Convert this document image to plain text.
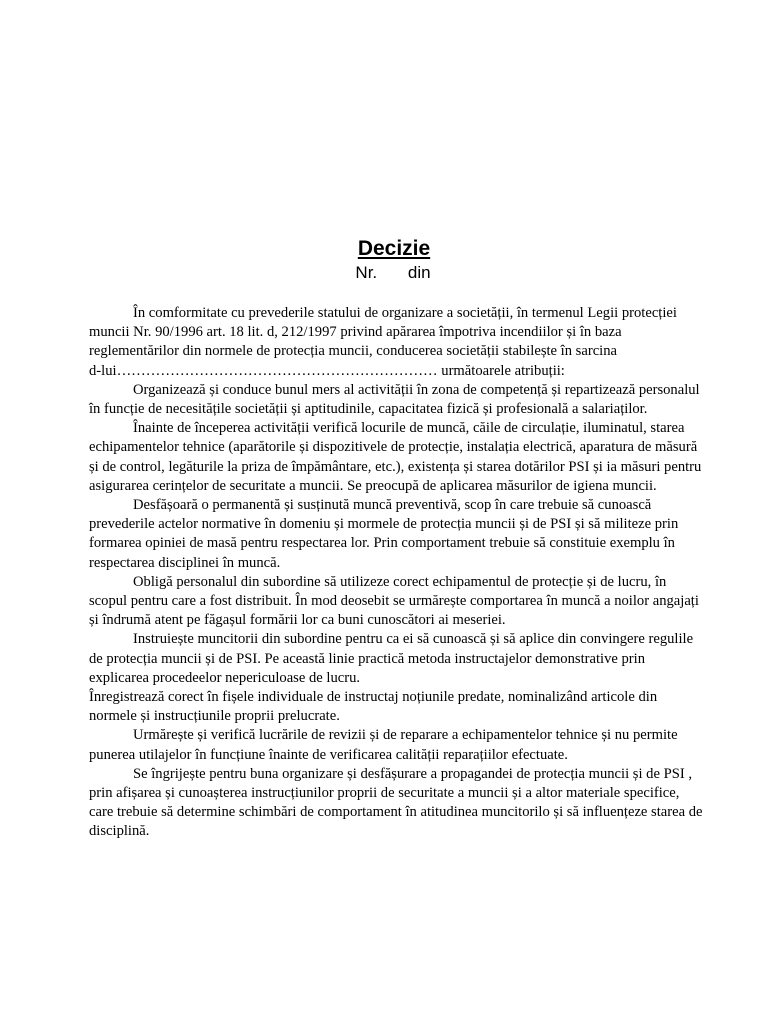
Decizie
Nr. din

În comformitate cu prevederile statului de organizare a societății, în termenul Legii protecției muncii Nr. 90/1996 art. 18 lit. d, 212/1997 privind apărarea împotriva incendiilor și în baza reglementărilor din normele de protecția muncii, conducerea societății stabilește în sarcina

d-lui………………………………………………………… următoarele atribuții:

Organizează și conduce bunul mers al activității în zona de competență și repartizează personalul în funcție de necesitățile societății și aptitudinile, capacitatea fizică și profesională a salariaților.

Înainte de începerea activității verifică locurile de muncă, căile de circulație, iluminatul, starea echipamentelor tehnice (aparătorile și dispozitivele de protecție, instalația electrică, aparatura de măsură și de control, legăturile la priza de împământare, etc.), existența și starea dotărilor PSI și ia măsuri pentru asigurarea cerințelor de securitate a muncii. Se preocupă de aplicarea măsurilor de igiena muncii.

Desfășoară o permanentă și susținută muncă preventivă, scop în care trebuie să cunoască prevederile actelor normative în domeniu și mormele de protecția muncii și de PSI și să militeze prin formarea opiniei de masă pentru respectarea lor. Prin comportament trebuie să constituie exemplu în respectarea disciplinei în muncă.

Obligă personalul din subordine să utilizeze corect echipamentul de protecție și de lucru, în scopul pentru care a fost distribuit. În mod deosebit se urmărește comportarea în muncă a noilor angajați și îndrumă atent pe făgașul formării lor ca buni cunoscători ai meseriei.

Instruiește muncitorii din subordine pentru ca ei să cunoască și să aplice din convingere regulile de protecția muncii și de PSI. Pe această linie practică metoda instructajelor demonstrative prin explicarea procedeelor nepericuloase de lucru.

Înregistrează corect în fișele individuale de instructaj noțiunile predate, nominalizând articole din normele și instrucțiunile proprii prelucrate.

Urmărește și verifică lucrările de revizii și de reparare a echipamentelor tehnice și nu permite punerea utilajelor în funcțiune înainte de verificarea calității reparațiilor efectuate.

Se îngrijește pentru buna organizare și desfășurare a propagandei de protecția muncii și de PSI , prin afișarea și cunoașterea instrucțiunilor proprii de securitate a muncii și a altor materiale specifice, care trebuie să determine schimbări de comportament în atitudinea muncitorilo și să influențeze starea de disciplină.
